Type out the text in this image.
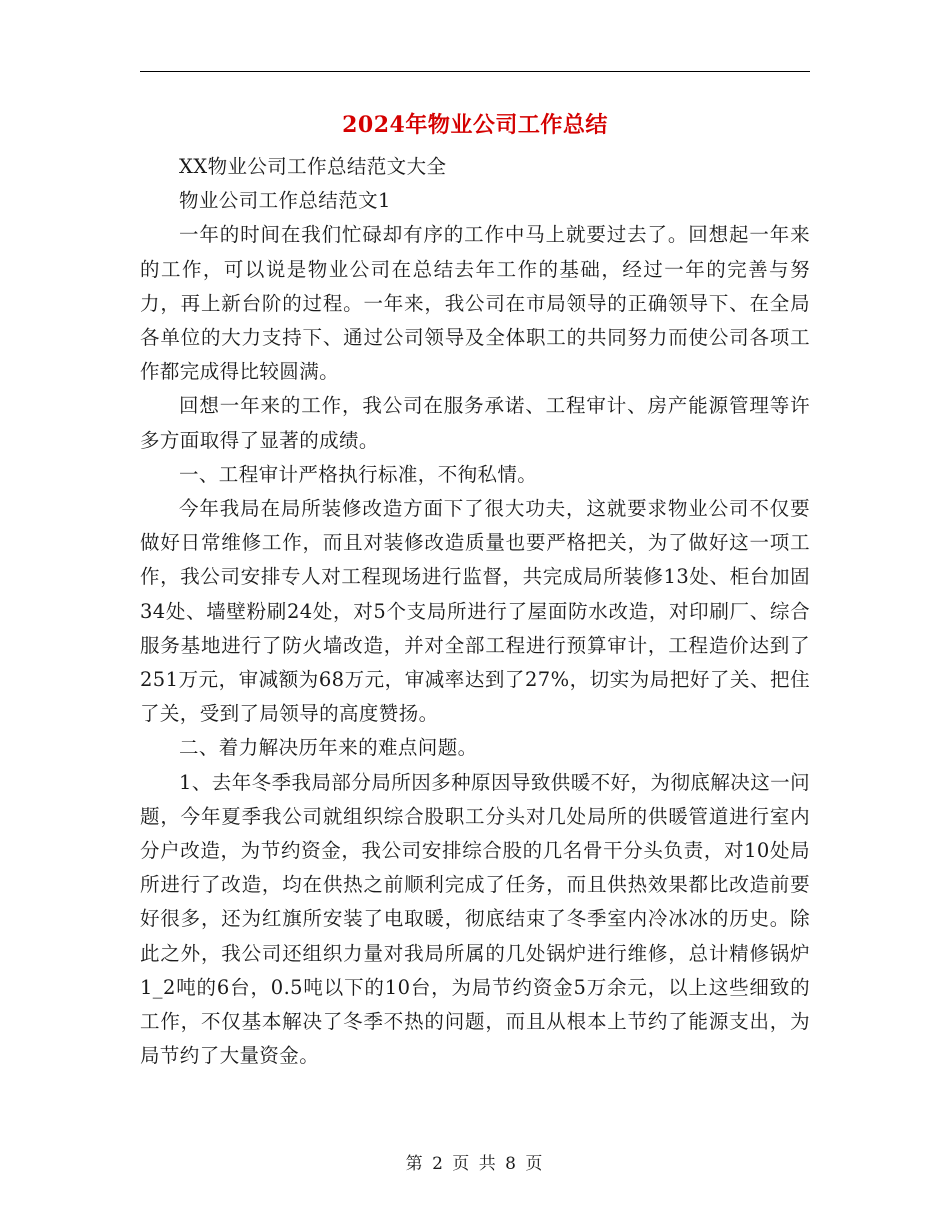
2024年物业公司工作总结

XX物业公司工作总结范文大全

物业公司工作总结范文1

一年的时间在我们忙碌却有序的工作中马上就要过去了。回想起一年来的工作，可以说是物业公司在总结去年工作的基础，经过一年的完善与努力，再上新台阶的过程。一年来，我公司在市局领导的正确领导下、在全局各单位的大力支持下、通过公司领导及全体职工的共同努力而使公司各项工作都完成得比较圆满。

回想一年来的工作，我公司在服务承诺、工程审计、房产能源管理等许多方面取得了显著的成绩。

一、工程审计严格执行标准，不徇私情。

今年我局在局所装修改造方面下了很大功夫，这就要求物业公司不仅要做好日常维修工作，而且对装修改造质量也要严格把关，为了做好这一项工作，我公司安排专人对工程现场进行监督，共完成局所装修13处、柜台加固34处、墙壁粉刷24处，对5个支局所进行了屋面防水改造，对印刷厂、综合服务基地进行了防火墙改造，并对全部工程进行预算审计，工程造价达到了251万元，审减额为68万元，审减率达到了27%，切实为局把好了关、把住了关，受到了局领导的高度赞扬。

二、着力解决历年来的难点问题。

1、去年冬季我局部分局所因多种原因导致供暖不好，为彻底解决这一问题，今年夏季我公司就组织综合股职工分头对几处局所的供暖管道进行室内分户改造，为节约资金，我公司安排综合股的几名骨干分头负责，对10处局所进行了改造，均在供热之前顺利完成了任务，而且供热效果都比改造前要好很多，还为红旗所安装了电取暖，彻底结束了冬季室内冷冰冰的历史。除此之外，我公司还组织力量对我局所属的几处锅炉进行维修，总计精修锅炉1_2吨的6台，0.5吨以下的10台，为局节约资金5万余元，以上这些细致的工作，不仅基本解决了冬季不热的问题，而且从根本上节约了能源支出，为局节约了大量资金。

第 2 页 共 8 页
